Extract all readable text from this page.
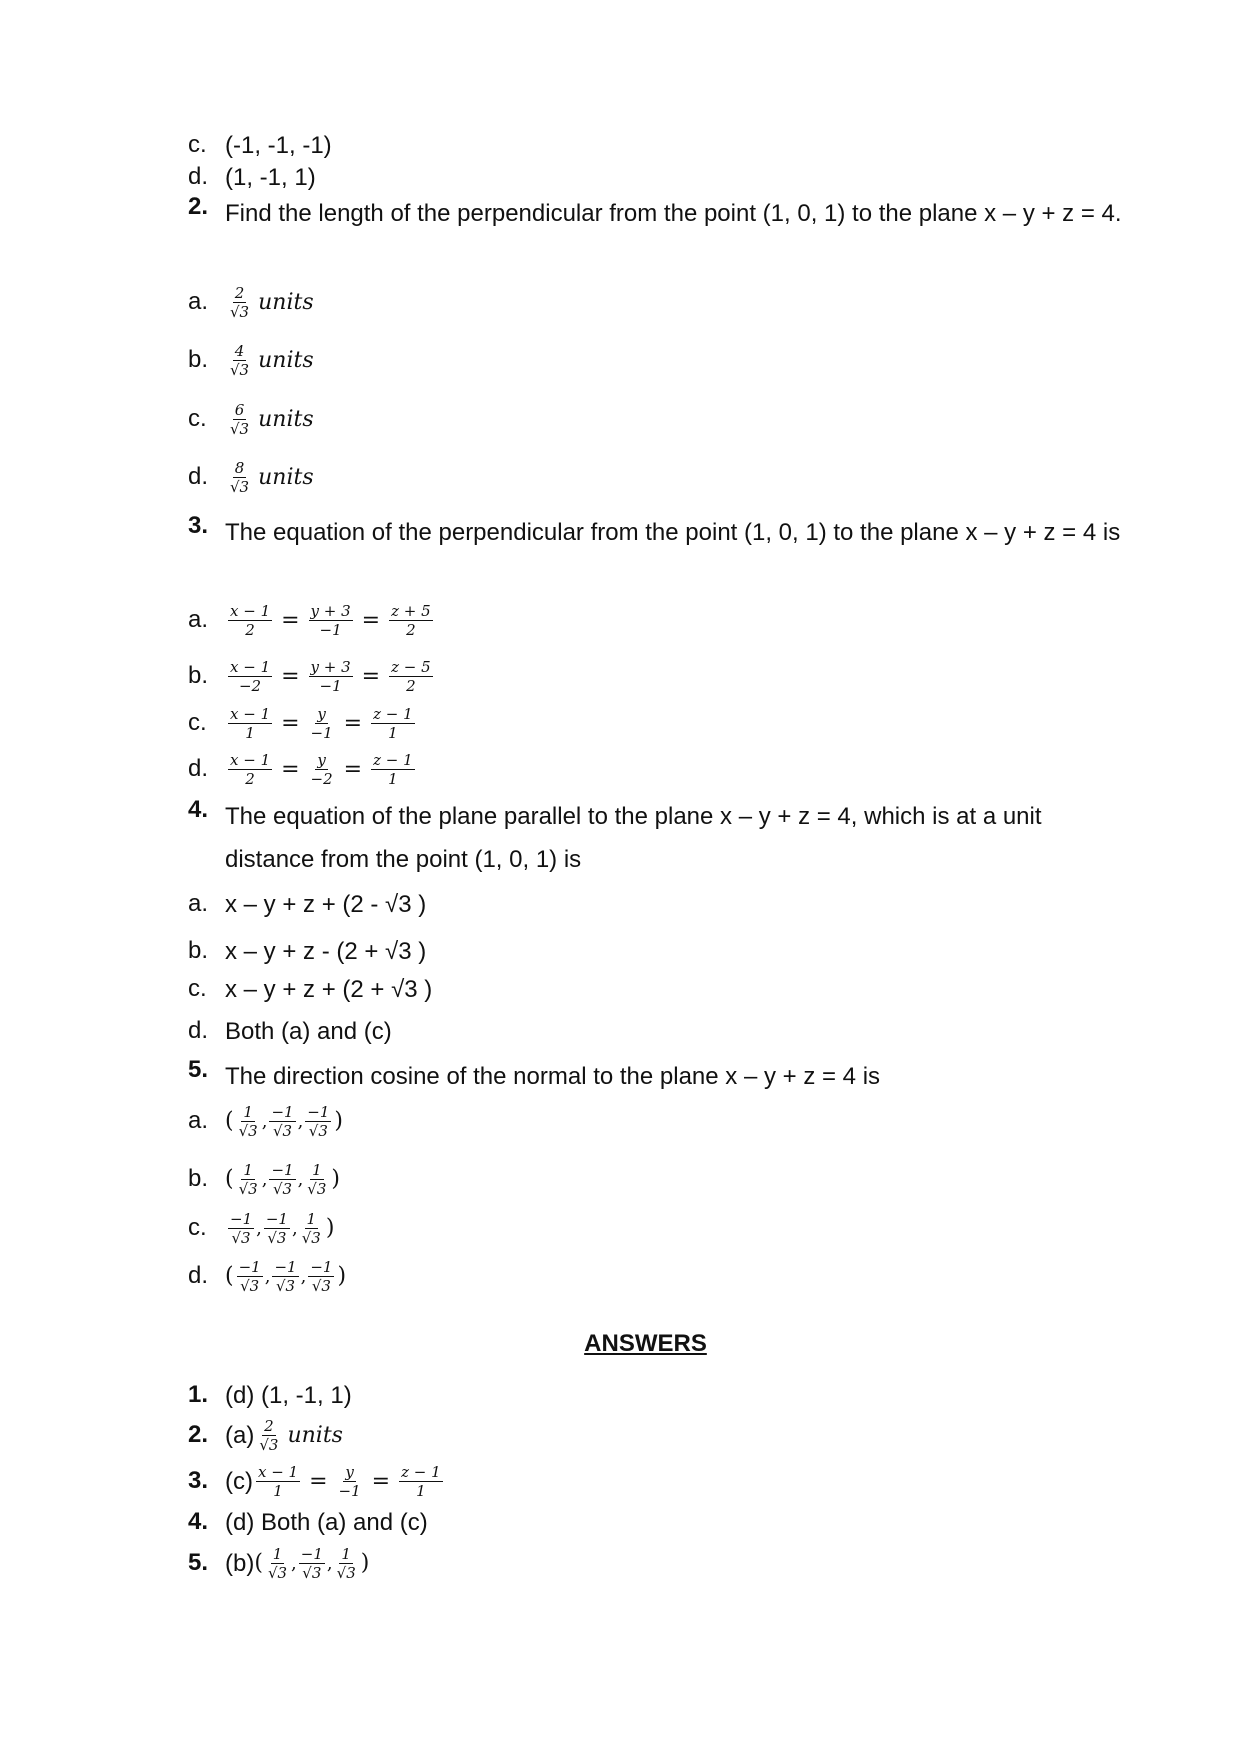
c. (-1, -1, -1)
d. (1, -1, 1)
2. Find the length of the perpendicular from the point (1, 0, 1) to the plane x – y + z = 4.
a. $\frac{2}{√3}$ units
b. $\frac{4}{√3}$ units
c. $\frac{6}{√3}$ units
d. $\frac{8}{√3}$ units
3. The equation of the perpendicular from the point (1, 0, 1) to the plane x – y + z = 4 is
a. $\frac{x - 1}{2} = \frac{y + 3}{-1} = \frac{z + 5}{2}$
b. $\frac{x - 1}{-2} = \frac{y + 3}{-1} = \frac{z - 5}{2}$
c. $\frac{x - 1}{1} = \frac{y}{-1} = \frac{z - 1}{1}$
d. $\frac{x - 1}{2} = \frac{y}{-2} = \frac{z - 1}{1}$
4. The equation of the plane parallel to the plane x – y + z = 4, which is at a unit distance from the point (1, 0, 1) is
a. x – y + z + (2 - √3 )
b. x – y + z - (2 + √3 )
c. x – y + z + (2 + √3 )
d. Both (a) and (c)
5. The direction cosine of the normal to the plane x – y + z = 4 is
a. ( $\frac{1}{√3}$ , $\frac{-1}{√3}$ , $\frac{-1}{√3}$ )
b. ( $\frac{1}{√3}$ , $\frac{-1}{√3}$ , $\frac{1}{√3}$ )
c. $\frac{-1}{√3}$ , $\frac{-1}{√3}$ , $\frac{1}{√3}$ )
d. ( $\frac{-1}{√3}$ , $\frac{-1}{√3}$ , $\frac{-1}{√3}$ )
ANSWERS
1. (d) (1, -1, 1)
2. $(a) \frac{2}{√3}$ units
3. $(c) \frac{x - 1}{1} = \frac{y}{-1} = \frac{z - 1}{1}$
4. (d) Both (a) and (c)
5. $(b)( \frac{1}{√3}$ , $\frac{-1}{√3}$ , $\frac{1}{√3}$ )
